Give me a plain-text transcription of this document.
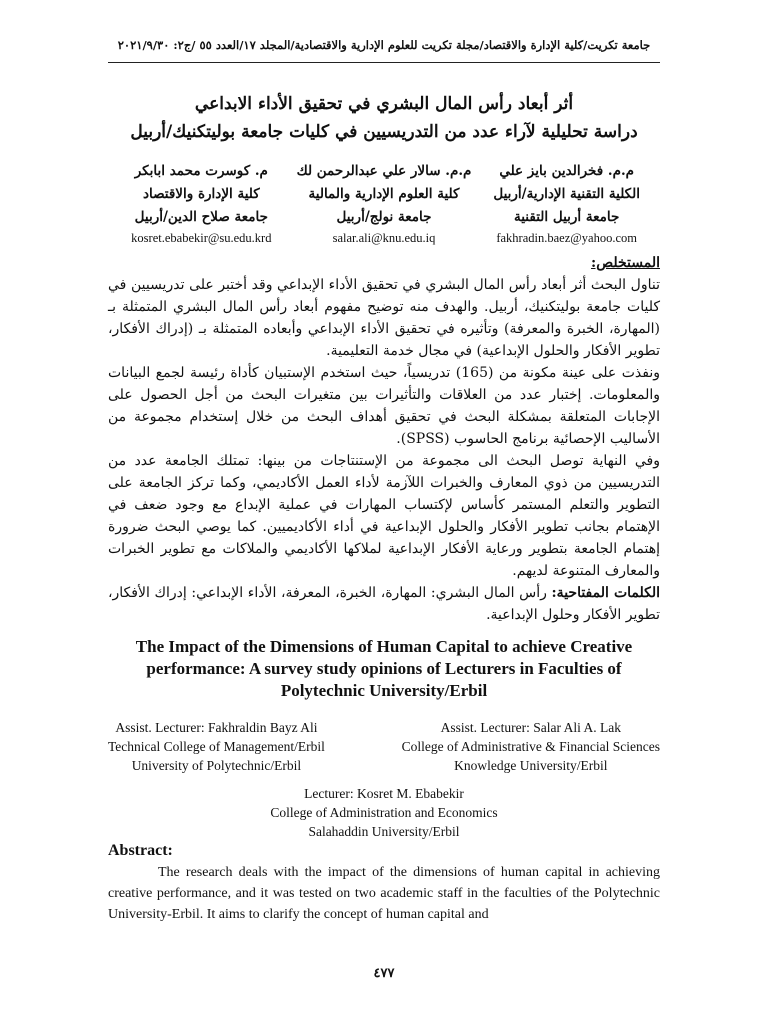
جامعة تكريت/كلية الإدارة والاقتصاد/مجلة تكريت للعلوم الإدارية والاقتصادية/المجلد ١٧/العدد ٥٥ /ج٢: ٢٠٢١/٩/٣٠
أثر أبعاد رأس المال البشري في تحقيق الأداء الابداعي
دراسة تحليلية لآراء عدد من التدريسيين في كليات جامعة بوليتكنيك/أربيل
م.م. فخرالدين بايز علي
الكلية التقنية الإدارية/أربيل
جامعة أربيل التقنية
fakhradin.baez@yahoo.com
م.م. سالار علي عبدالرحمن لك
كلية العلوم الإدارية والمالية
جامعة نولج/أربيل
salar.ali@knu.edu.iq
م. كوسرت محمد ابابكر
كلية الإدارة والاقتصاد
جامعة صلاح الدين/أربيل
kosret.ebabekir@su.edu.krd
المستخلص:

تناول البحث أثر أبعاد رأس المال البشري في تحقيق الأداء الإبداعي وقد أختبر على تدريسيين في كليات جامعة بوليتكنيك، أربيل. والهدف منه توضيح مفهوم أبعاد رأس المال البشري المتمثلة بـ (المهارة، الخبرة والمعرفة) وتأثيره في تحقيق الأداء الإبداعي وأبعاده المتمثلة بـ (إدراك الأفكار، تطوير الأفكار والحلول الإبداعية) في مجال خدمة التعليمية.

ونفذت على عينة مكونة من (165) تدريسياً، حيث استخدم الإستبيان كأداة رئيسة لجمع البيانات والمعلومات. إختبار عدد من العلاقات والتأثيرات بين متغيرات البحث من أجل الحصول على الإجابات المتعلقة بمشكلة البحث في تحقيق أهداف البحث من خلال إستخدام مجموعة من الأساليب الإحصائية برنامج الحاسوب (SPSS).

وفي النهاية توصل البحث الى مجموعة من الإستنتاجات من بينها: تمتلك الجامعة عدد من التدريسيين من ذوي المعارف والخبرات اللآزمة لأداء العمل الأكاديمي، وكما تركز الجامعة على التطوير والتعلم المستمر كأساس لإكتساب المهارات في عملية الإبداع مع وجود ضعف في الإهتمام بجانب تطوير الأفكار والحلول الإبداعية في أداء الأكاديميين. كما يوصي البحث ضرورة إهتمام الجامعة بتطوير ورعاية الأفكار الإبداعية لملاكها الأكاديمي والملاكات مع تطوير الخبرات والمعارف المتنوعة لديهم.

الكلمات المفتاحية: رأس المال البشري: المهارة، الخبرة، المعرفة، الأداء الإبداعي: إدراك الأفكار، تطوير الأفكار وحلول الإبداعية.

The Impact of the Dimensions of Human Capital to achieve Creative performance: A survey study opinions of Lecturers in Faculties of Polytechnic University/Erbil
Assist. Lecturer: Fakhraldin Bayz Ali
Technical College of Management/Erbil
University of Polytechnic/Erbil
Assist. Lecturer: Salar Ali A. Lak
College of Administrative & Financial Sciences
Knowledge University/Erbil
Lecturer: Kosret M. Ebabekir
College of Administration and Economics
Salahaddin University/Erbil
Abstract:

The research deals with the impact of the dimensions of human capital in achieving creative performance, and it was tested on two academic staff in the faculties of the Polytechnic University-Erbil. It aims to clarify the concept of human capital and

٤٧٧
